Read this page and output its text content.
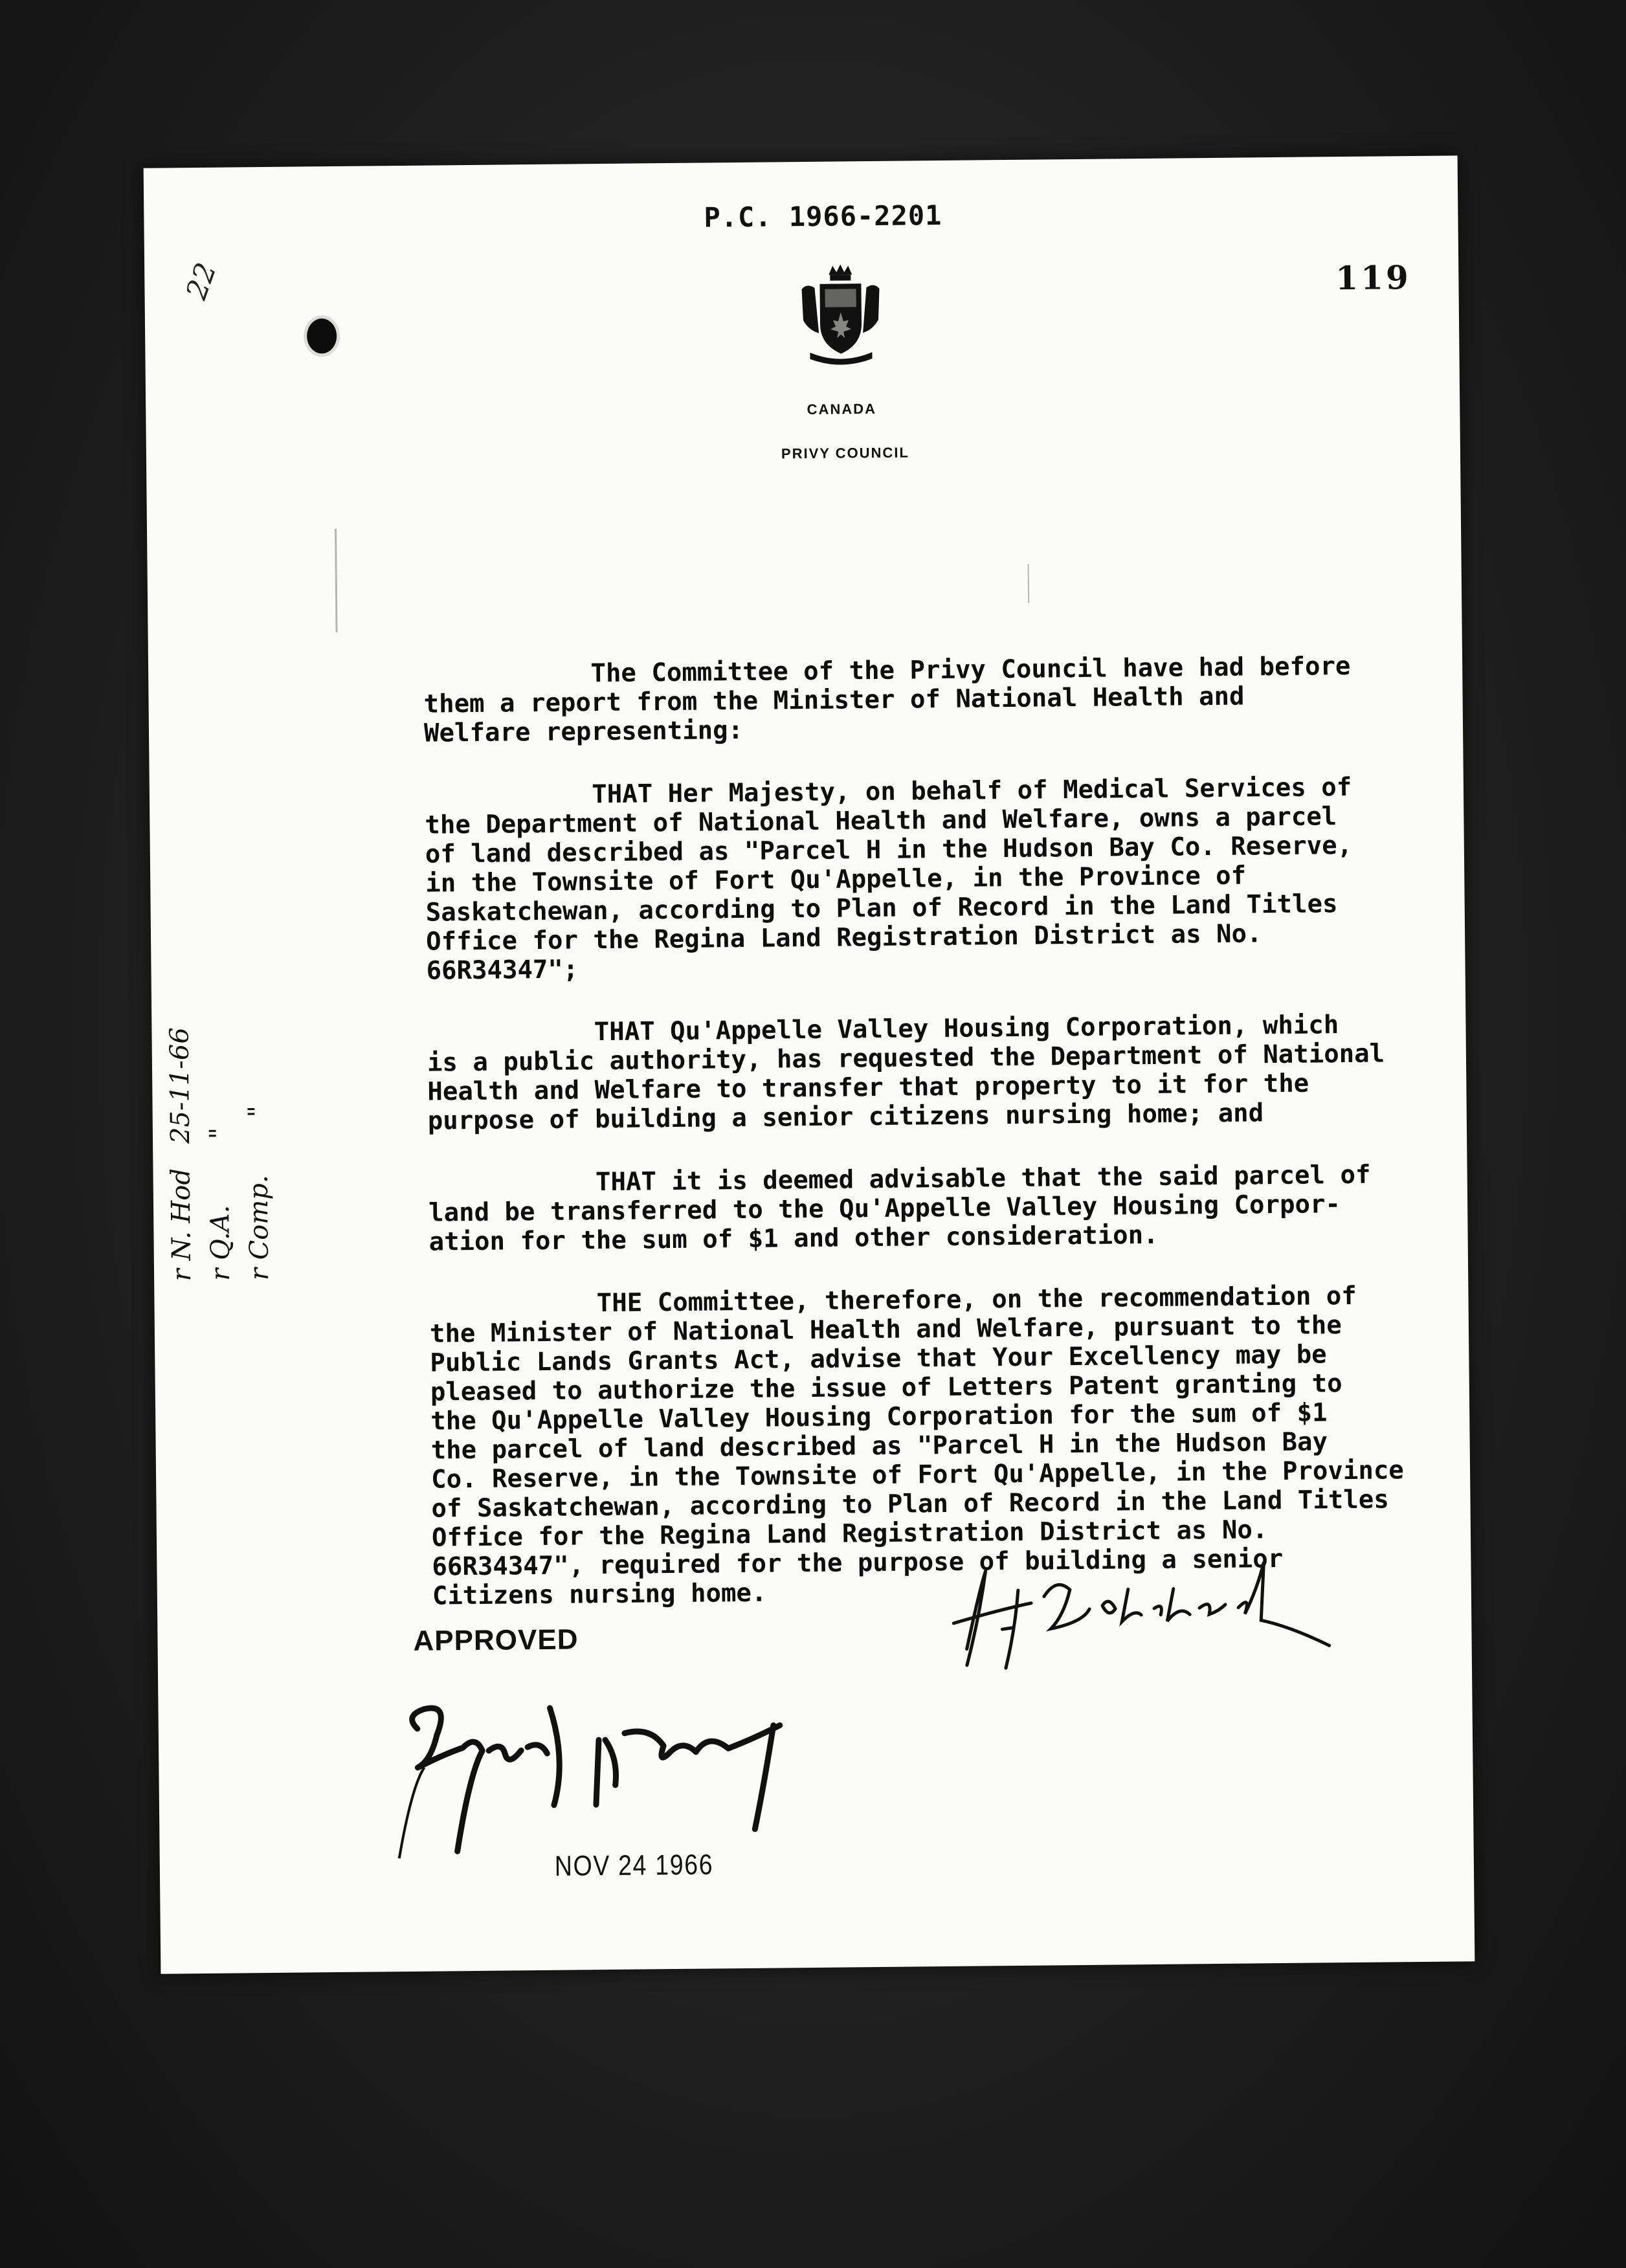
P.C. 1966-2201
119
22
CANADA
PRIVY COUNCIL

The Committee of the Privy Council have had before
them a report from the Minister of National Health and
Welfare representing:

THAT Her Majesty, on behalf of Medical Services of
the Department of National Health and Welfare, owns a parcel
of land described as "Parcel H in the Hudson Bay Co. Reserve,
in the Townsite of Fort Qu'Appelle, in the Province of
Saskatchewan, according to Plan of Record in the Land Titles
Office for the Regina Land Registration District as No.
66R34347";

THAT Qu'Appelle Valley Housing Corporation, which
is a public authority, has requested the Department of National
Health and Welfare to transfer that property to it for the
purpose of building a senior citizens nursing home; and

THAT it is deemed advisable that the said parcel of
land be transferred to the Qu'Appelle Valley Housing Corpor-
ation for the sum of $1 and other consideration.

THE Committee, therefore, on the recommendation of
the Minister of National Health and Welfare, pursuant to the
Public Lands Grants Act, advise that Your Excellency may be
pleased to authorize the issue of Letters Patent granting to
the Qu'Appelle Valley Housing Corporation for the sum of $1
the parcel of land described as "Parcel H in the Hudson Bay
Co. Reserve, in the Townsite of Fort Qu'Appelle, in the Province
of Saskatchewan, according to Plan of Record in the Land Titles
Office for the Regina Land Registration District as No.
66R34347", required for the purpose of building a senior
Citizens nursing home.

r N. Hod   25-11-66 r Q.A.        " r Comp.       "
APPROVED
NOV 24 1966
